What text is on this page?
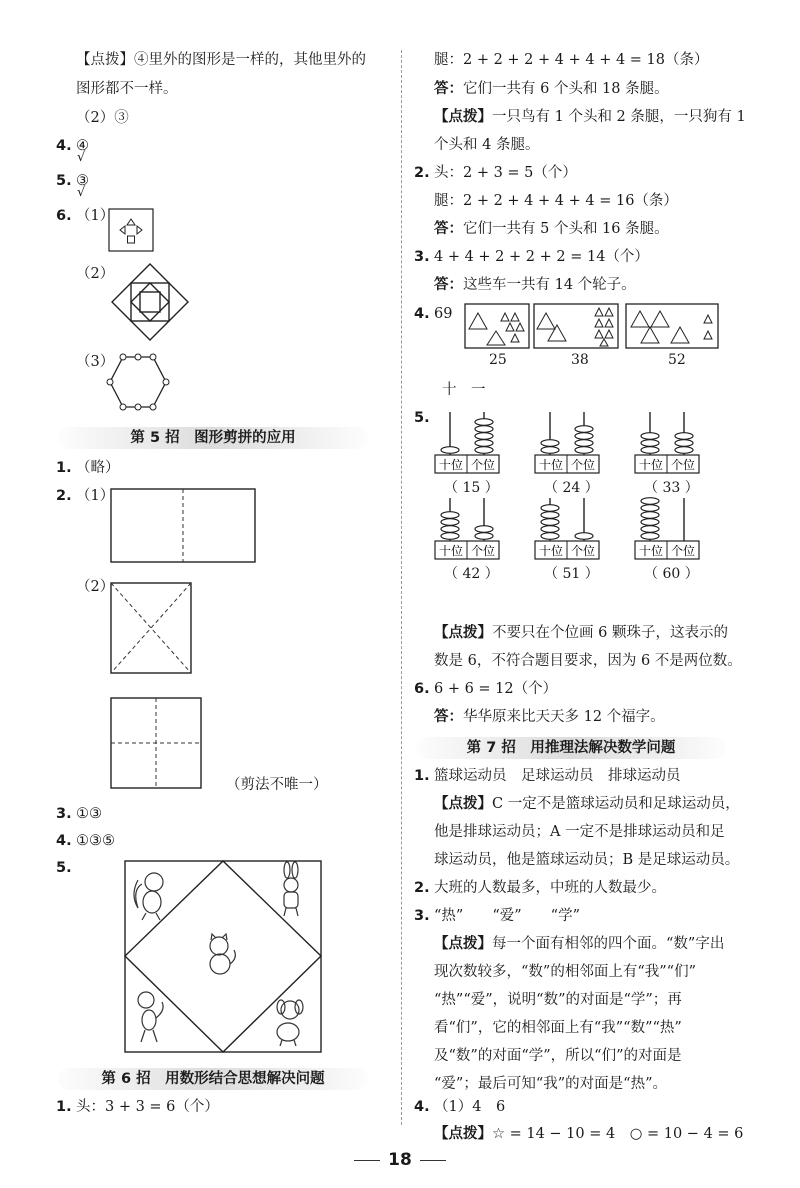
【点拨】④里外的图形是一样的，其他里外的
图形都不一样。
（2）③
4. ④
√
5. ③
√
6. （1）
（2）
（3）
第 5 招　图形剪拼的应用
1. （略）
2. （1）
（2）
（剪法不唯一）
3. ①③
4. ①③⑤
5.
第 6 招　用数形结合思想解决问题
1. 头：3 + 3 = 6（个）
腿：2 + 2 + 2 + 4 + 4 + 4 = 18（条）
答：它们一共有 6 个头和 18 条腿。
【点拨】一只鸟有 1 个头和 2 条腿，一只狗有 1
个头和 4 条腿。
2. 头：2 + 3 = 5（个）
腿：2 + 2 + 4 + 4 + 4 = 16（条）
答：它们一共有 5 个头和 16 条腿。
3. 4 + 4 + 2 + 2 + 2 = 14（个）
答：这些车一共有 14 个轮子。
4. 69
25	38	52
十　一
5.
十位 个位
（ 15 ）
十位 个位
（ 24 ）
十位 个位
（ 33 ）
十位 个位
（ 42 ）
十位 个位
（ 51 ）
十位 个位
（ 60 ）
【点拨】不要只在个位画 6 颗珠子，这表示的
数是 6，不符合题目要求，因为 6 不是两位数。
6. 6 + 6 = 12（个）
答：华华原来比天天多 12 个福字。
第 7 招　用推理法解决数学问题
1. 篮球运动员　足球运动员　排球运动员
【点拨】C 一定不是篮球运动员和足球运动员，
他是排球运动员；A 一定不是排球运动员和足
球运动员，他是篮球运动员；B 是足球运动员。
2. 大班的人数最多，中班的人数最少。
3. “热”　　“爱”　　“学”
【点拨】每一个面有相邻的四个面。“数”字出
现次数较多，“数”的相邻面上有“我”“们”
“热”“爱”，说明“数”的对面是“学”；再
看“们”，它的相邻面上有“我”“数”“热”
及“数”的对面“学”，所以“们”的对面是
“爱”；最后可知“我”的对面是“热”。
4. （1）4　6
18
【点拨】☆ = 14 − 10 = 4　○ = 10 − 4 = 6
